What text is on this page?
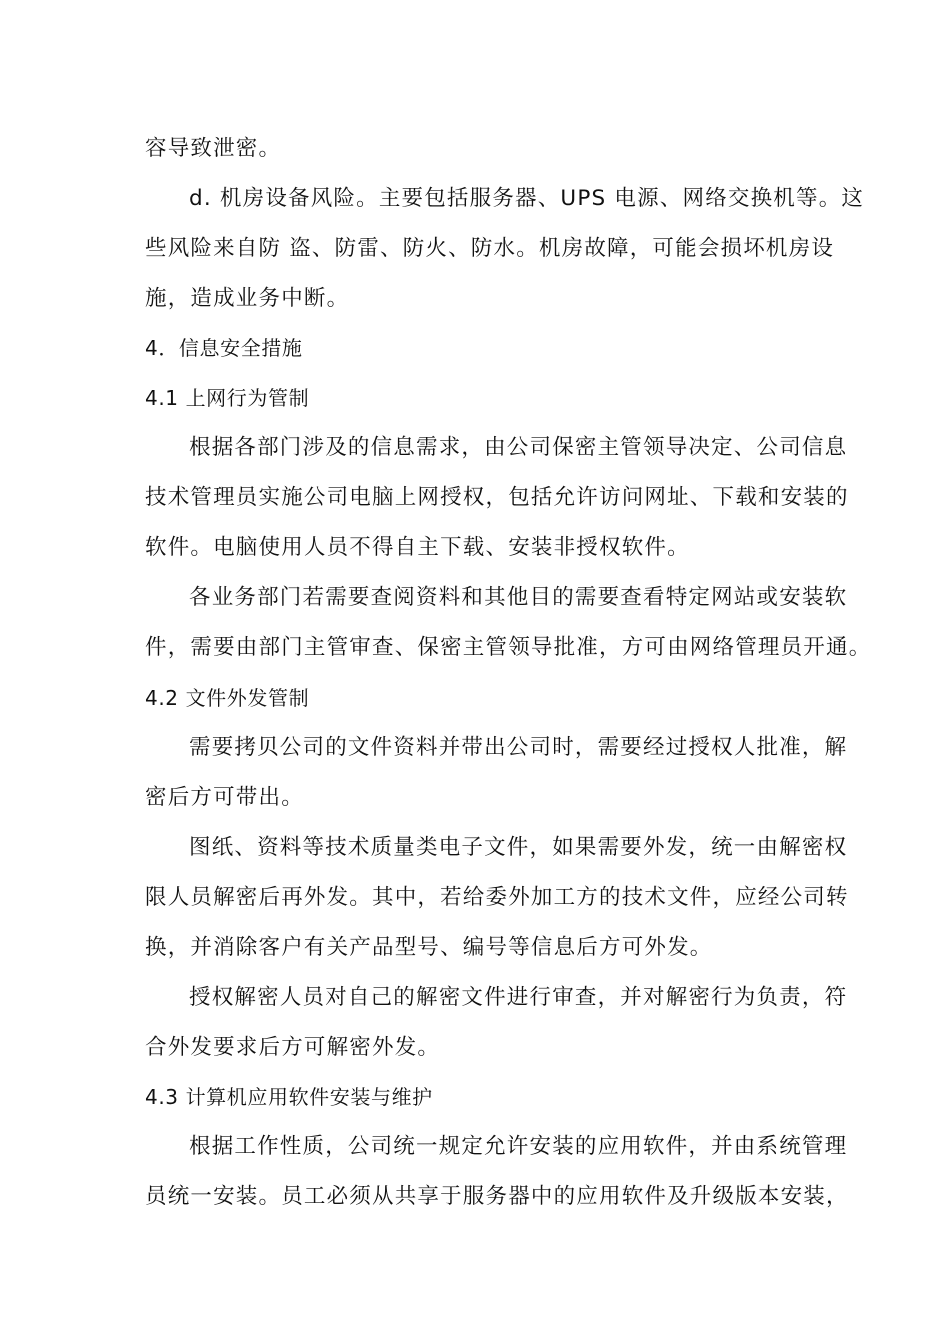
容导致泄密。
d. 机房设备风险。主要包括服务器、UPS 电源、网络交换机等。这
些风险来自防 盗、防雷、防火、防水。机房故障，可能会损坏机房设
施，造成业务中断。
4．信息安全措施
4.1 上网行为管制
根据各部门涉及的信息需求，由公司保密主管领导决定、公司信息
技术管理员实施公司电脑上网授权，包括允许访问网址、下载和安装的
软件。电脑使用人员不得自主下载、安装非授权软件。
各业务部门若需要查阅资料和其他目的需要查看特定网站或安装软
件，需要由部门主管审查、保密主管领导批准，方可由网络管理员开通。
4.2 文件外发管制
需要拷贝公司的文件资料并带出公司时，需要经过授权人批准，解
密后方可带出。
图纸、资料等技术质量类电子文件，如果需要外发，统一由解密权
限人员解密后再外发。其中，若给委外加工方的技术文件，应经公司转
换，并消除客户有关产品型号、编号等信息后方可外发。
授权解密人员对自己的解密文件进行审查，并对解密行为负责，符
合外发要求后方可解密外发。
4.3 计算机应用软件安装与维护
根据工作性质，公司统一规定允许安装的应用软件，并由系统管理
员统一安装。员工必须从共享于服务器中的应用软件及升级版本安装，
